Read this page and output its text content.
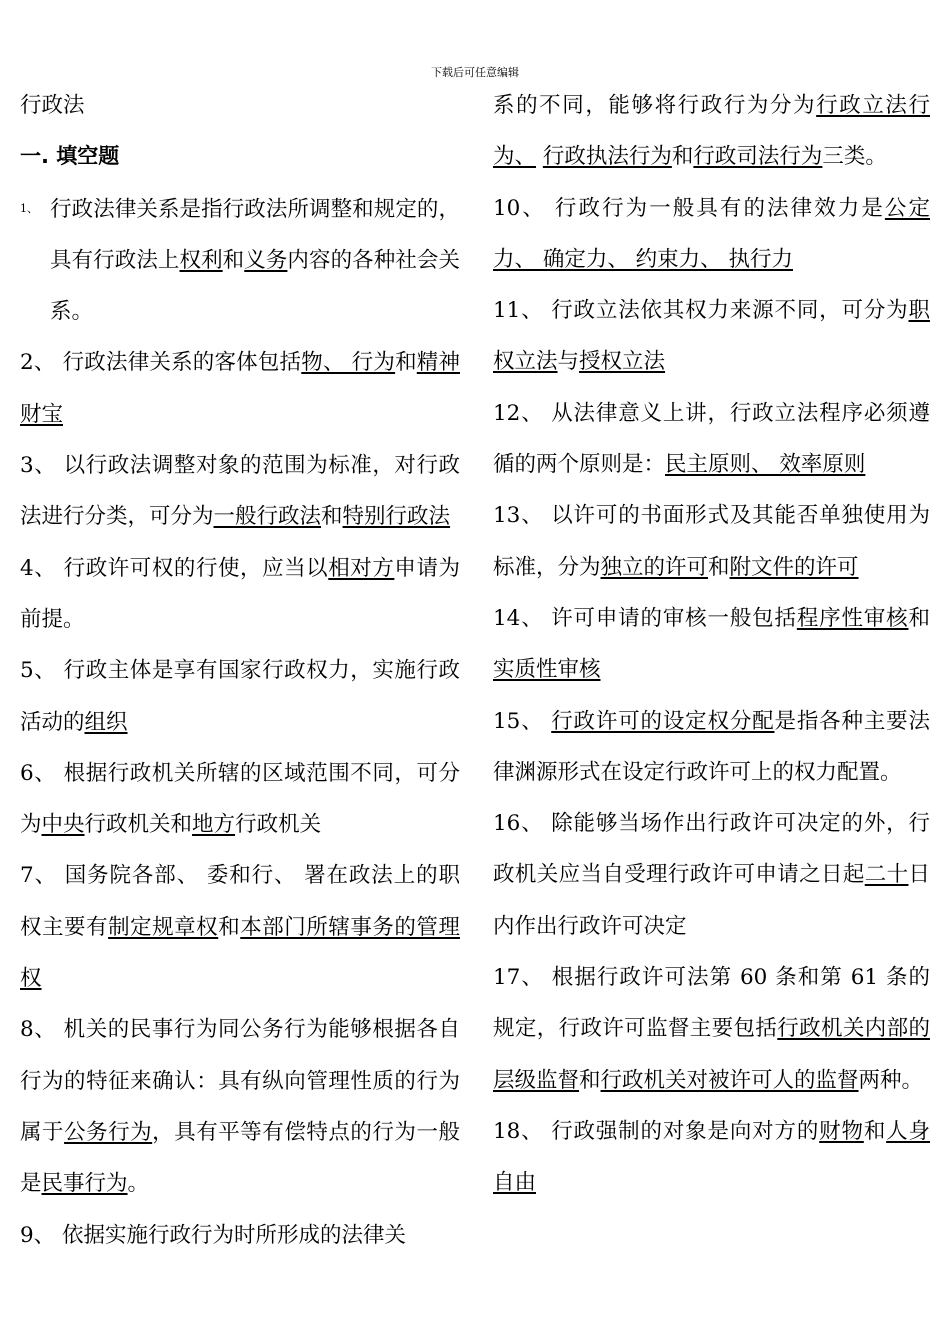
下载后可任意编辑

行政法

一. 填空题

1、 行政法律关系是指行政法所调整和规定的，具有行政法上权利和义务内容的各种社会关系。

2、 行政法律关系的客体包括物、 行为和精神财宝

3、 以行政法调整对象的范围为标准，对行政法进行分类，可分为一般行政法和特别行政法

4、 行政许可权的行使，应当以相对方申请为前提。

5、 行政主体是享有国家行政权力，实施行政活动的组织

6、 根据行政机关所辖的区域范围不同，可分为中央行政机关和地方行政机关

7、 国务院各部、 委和行、 署在政法上的职权主要有制定规章权和本部门所辖事务的管理权

8、 机关的民事行为同公务行为能够根据各自行为的特征来确认：具有纵向管理性质的行为属于公务行为，具有平等有偿特点的行为一般是民事行为。

9、 依据实施行政行为时所形成的法律关

系的不同，能够将行政行为分为行政立法行为、 行政执法行为和行政司法行为三类。

10、 行政行为一般具有的法律效力是公定力、 确定力、 约束力、 执行力

11、 行政立法依其权力来源不同，可分为职权立法与授权立法

12、 从法律意义上讲，行政立法程序必须遵循的两个原则是：民主原则、 效率原则

13、 以许可的书面形式及其能否单独使用为标准，分为独立的许可和附文件的许可

14、 许可申请的审核一般包括程序性审核和实质性审核

15、 行政许可的设定权分配是指各种主要法律渊源形式在设定行政许可上的权力配置。

16、 除能够当场作出行政许可决定的外，行政机关应当自受理行政许可申请之日起二十日内作出行政许可决定

17、 根据行政许可法第 60 条和第 61 条的规定，行政许可监督主要包括行政机关内部的层级监督和行政机关对被许可人的监督两种。

18、 行政强制的对象是向对方的财物和人身自由
